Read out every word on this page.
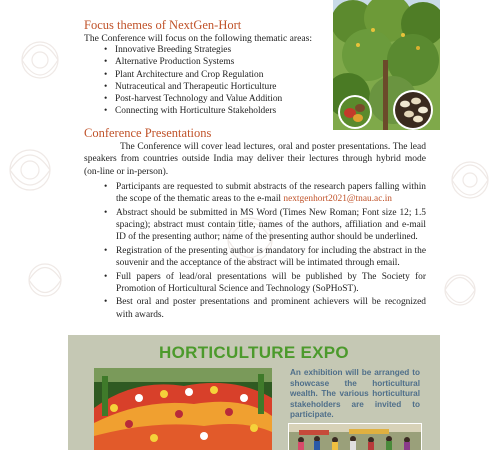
Focus themes of NextGen-Hort
The Conference will focus on the following thematic areas:
• Innovative Breeding Strategies
• Alternative Production Systems
• Plant Architecture and Crop Regulation
• Nutraceutical and Therapeutic Horticulture
• Post-harvest Technology and Value Addition
• Connecting with Horticulture Stakeholders
Conference Presentations

The Conference will cover lead lectures, oral and poster presentations. The lead speakers from countries outside India may deliver their lectures through hybrid mode (on-line or in-person).

• Participants are requested to submit abstracts of the research papers falling within the scope of the thematic areas to the e-mail nextgenhort2021@tnau.ac.in
• Abstract should be submitted in MS Word (Times New Roman; Font size 12; 1.5 spacing); abstract must contain title, names of the authors, affiliation and e-mail ID of the presenting author; name of the presenting author should be underlined.
• Registration of the presenting author is mandatory for including the abstract in the souvenir and the acceptance of the abstract will be intimated through email.
• Full papers of lead/oral presentations will be published by The Society for Promotion of Horticultural Science and Technology (SoPHoST).
• Best oral and poster presentations and prominent achievers will be recognized with awards.
HORTICULTURE EXPO
An exhibition will be arranged to showcase the horticultural wealth. The various horticultural stakeholders are invited to participate.
